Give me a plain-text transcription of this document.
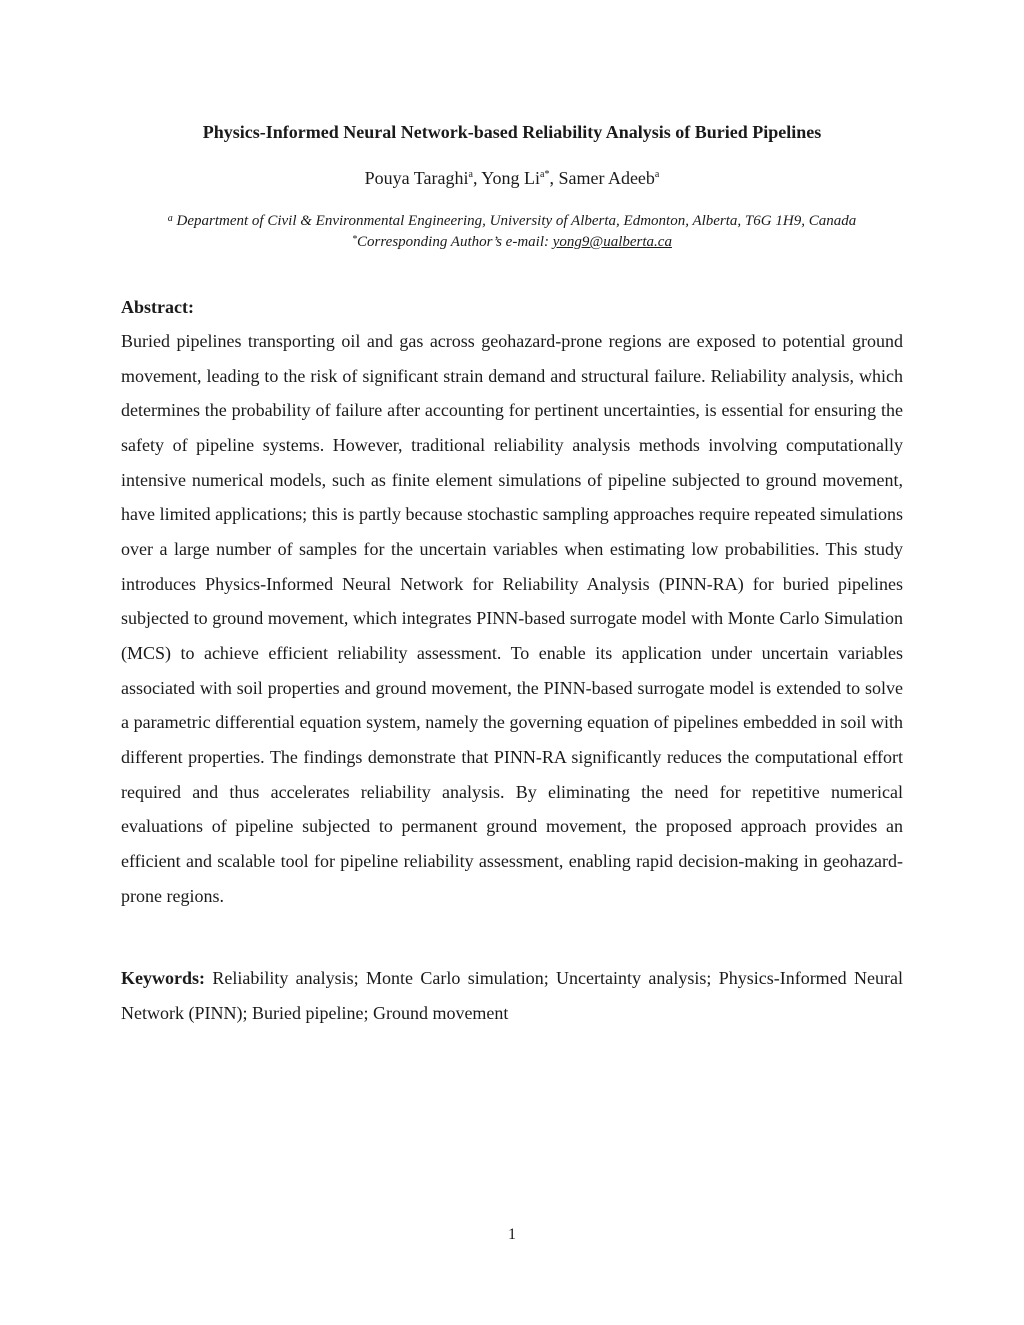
Physics-Informed Neural Network-based Reliability Analysis of Buried Pipelines
Pouya Taraghi$^a$, Yong $Li^{a*}$, Samer Adeeb$^a$
$^a$ Department of Civil & Environmental Engineering, University of Alberta, Edmonton, Alberta, T6G 1H9, Canada
*Corresponding Author’s e-mail: yong9@ualberta.ca
Abstract:

Buried pipelines transporting oil and gas across geohazard-prone regions are exposed to potential ground movement, leading to the risk of significant strain demand and structural failure. Reliability analysis, which determines the probability of failure after accounting for pertinent uncertainties, is essential for ensuring the safety of pipeline systems. However, traditional reliability analysis methods involving computationally intensive numerical models, such as finite element simulations of pipeline subjected to ground movement, have limited applications; this is partly because stochastic sampling approaches require repeated simulations over a large number of samples for the uncertain variables when estimating low probabilities. This study introduces Physics-Informed Neural Network for Reliability Analysis (PINN-RA) for buried pipelines subjected to ground movement, which integrates PINN-based surrogate model with Monte Carlo Simulation (MCS) to achieve efficient reliability assessment. To enable its application under uncertain variables associated with soil properties and ground movement, the PINN-based surrogate model is extended to solve a parametric differential equation system, namely the governing equation of pipelines embedded in soil with different properties. The findings demonstrate that PINN-RA significantly reduces the computational effort required and thus accelerates reliability analysis. By eliminating the need for repetitive numerical evaluations of pipeline subjected to permanent ground movement, the proposed approach provides an efficient and scalable tool for pipeline reliability assessment, enabling rapid decision-making in geohazard-prone regions.

Keywords: Reliability analysis; Monte Carlo simulation; Uncertainty analysis; Physics-Informed Neural Network (PINN); Buried pipeline; Ground movement

1
